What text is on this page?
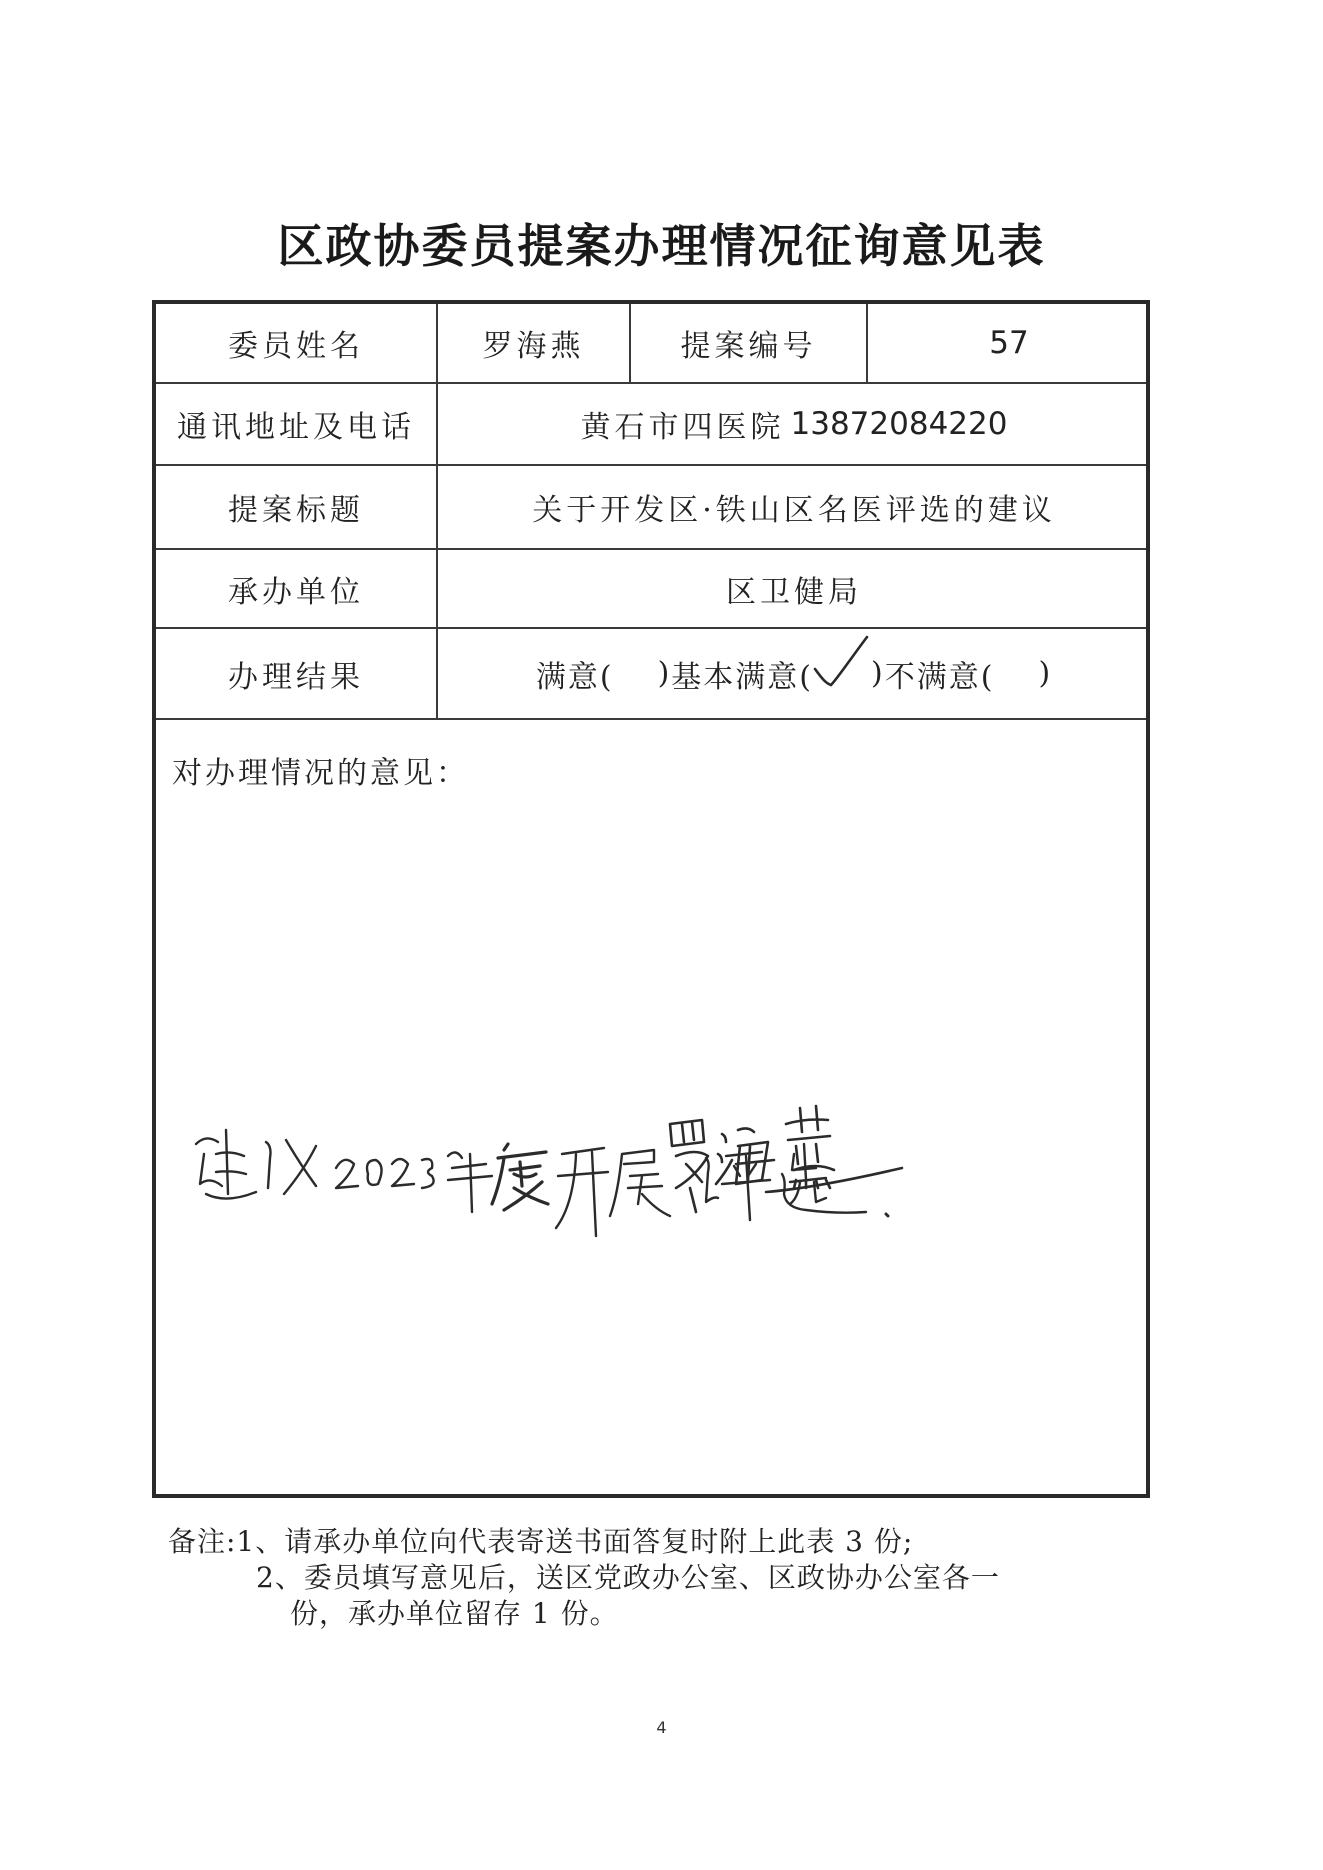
区政协委员提案办理情况征询意见表
委员姓名	罗海燕	提案编号	57
通讯地址及电话	黄石市四医院 13872084220
提案标题	关于开发区·铁山区名医评选的建议
承办单位	区卫健局
办理结果	满意( ) 基本满意( ) 不满意( )
对办理情况的意见：
备注:1、请承办单位向代表寄送书面答复时附上此表 3 份;
2、委员填写意见后，送区党政办公室、区政协办公室各一
份，承办单位留存 1 份。
4
